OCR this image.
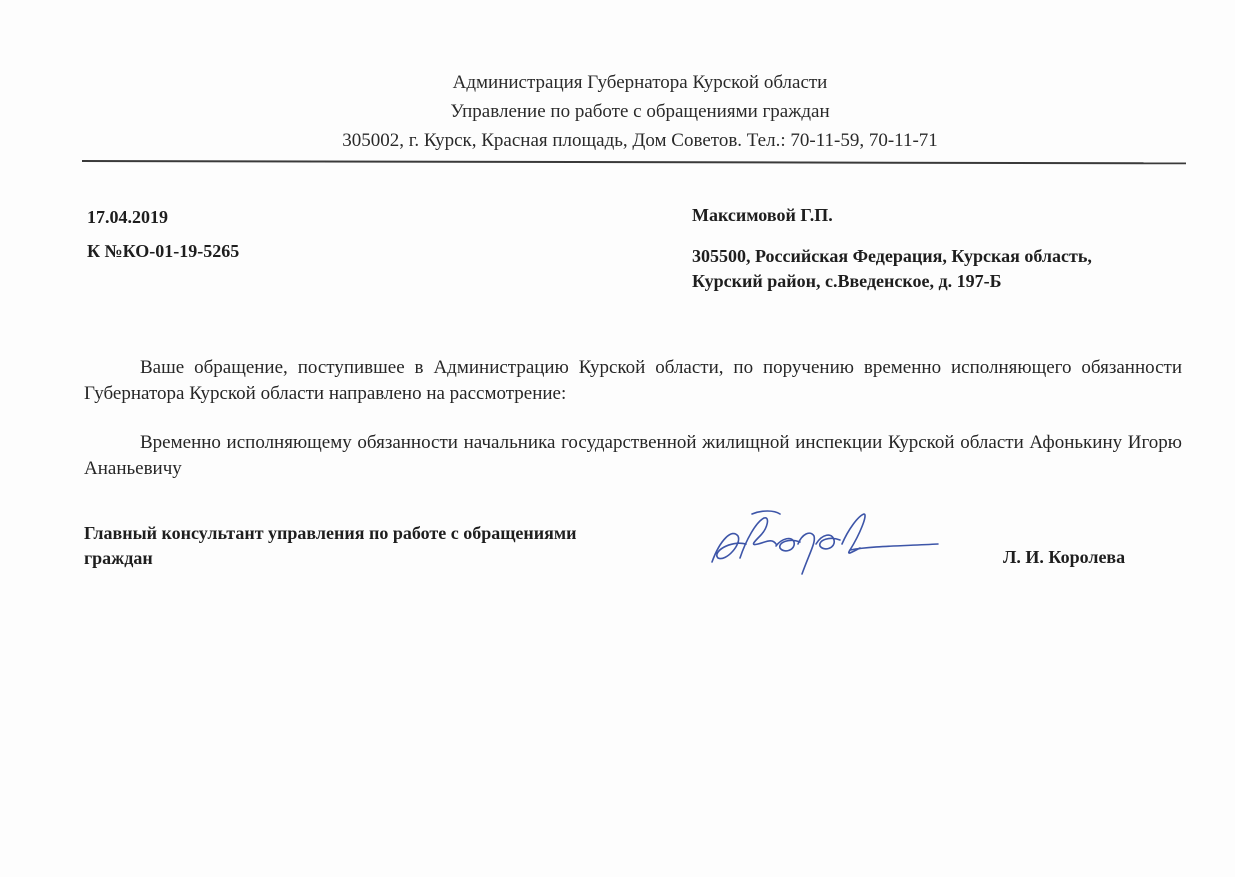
Администрация Губернатора Курской области
Управление по работе с обращениями граждан
305002, г. Курск, Красная площадь, Дом Советов. Тел.: 70-11-59, 70-11-71
17.04.2019
К №КО-01-19-5265
Максимовой Г.П.
305500, Российская Федерация, Курская область, Курский район, с.Введенское, д. 197-Б
Ваше обращение, поступившее в Администрацию Курской области, по поручению временно исполняющего обязанности Губернатора Курской области направлено на рассмотрение:
Временно исполняющему обязанности начальника государственной жилищной инспекции Курской области Афонькину Игорю Ананьевичу
Главный консультант управления по работе с обращениями граждан	Л. И. Королева
